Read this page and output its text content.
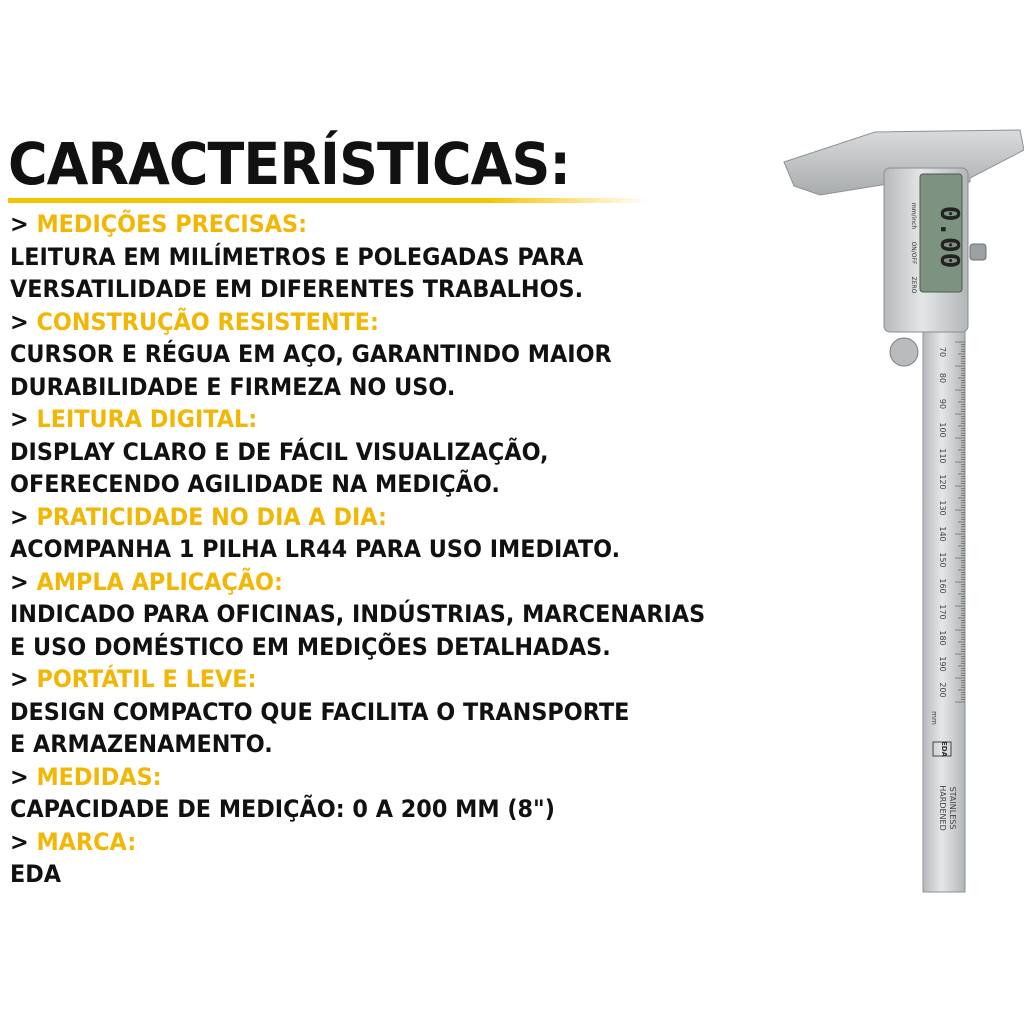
CARACTERÍSTICAS:
> MEDIÇÕES PRECISAS:
LEITURA EM MILÍMETROS E POLEGADAS PARA
VERSATILIDADE EM DIFERENTES TRABALHOS.
> CONSTRUÇÃO RESISTENTE:
CURSOR E RÉGUA EM AÇO, GARANTINDO MAIOR
DURABILIDADE E FIRMEZA NO USO.
> LEITURA DIGITAL:
DISPLAY CLARO E DE FÁCIL VISUALIZAÇÃO,
OFERECENDO AGILIDADE NA MEDIÇÃO.
> PRATICIDADE NO DIA A DIA:
ACOMPANHA 1 PILHA LR44 PARA USO IMEDIATO.
> AMPLA APLICAÇÃO:
INDICADO PARA OFICINAS, INDÚSTRIAS, MARCENARIAS
E USO DOMÉSTICO EM MEDIÇÕES DETALHADAS.
> PORTÁTIL E LEVE:
DESIGN COMPACTO QUE FACILITA O TRANSPORTE
E ARMAZENAMENTO.
> MEDIDAS:
CAPACIDADE DE MEDIÇÃO: 0 A 200 MM (8")
> MARCA:
EDA
0.00
mm/inch
ON/OFF
ZERO
70
80
90
100
110
120
130
140
150
160
170
180
190
200
mm
EDA
STAINLESS
HARDENED
